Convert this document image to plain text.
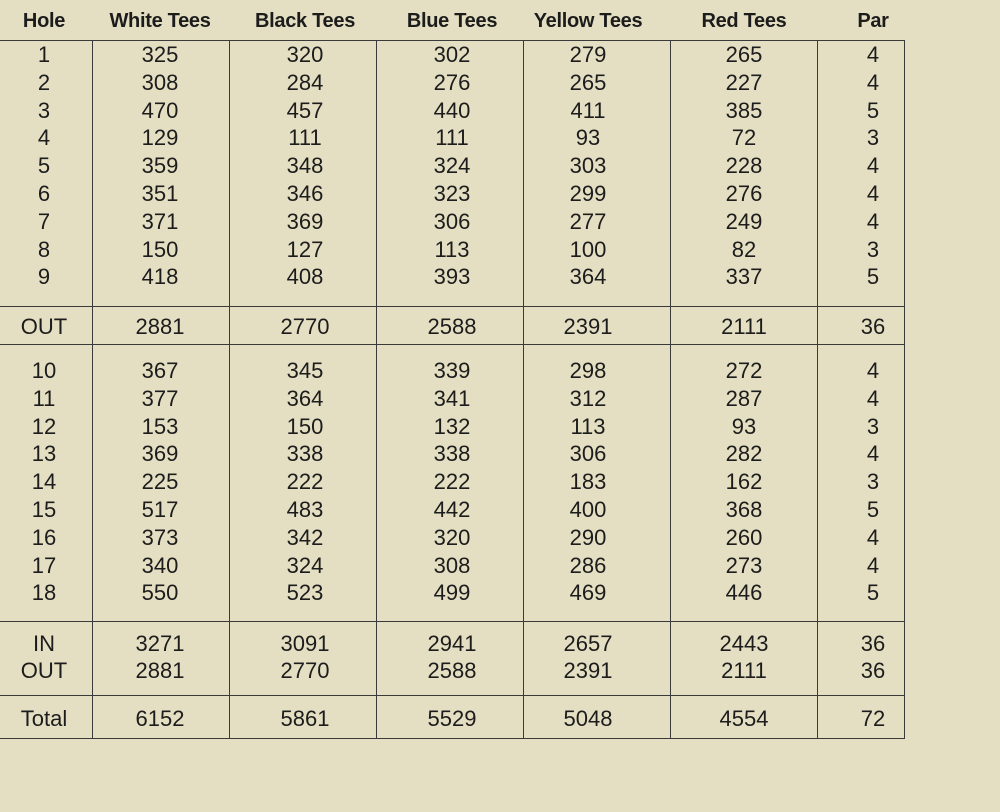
Hole	White Tees	Black Tees	Blue Tees	Yellow Tees	Red Tees	Par
1	325	320	302	279	265	4
2	308	284	276	265	227	4
3	470	457	440	411	385	5
4	129	111	111	93	72	3
5	359	348	324	303	228	4
6	351	346	323	299	276	4
7	371	369	306	277	249	4
8	150	127	113	100	82	3
9	418	408	393	364	337	5
OUT	2881	2770	2588	2391	2111	36
10	367	345	339	298	272	4
11	377	364	341	312	287	4
12	153	150	132	113	93	3
13	369	338	338	306	282	4
14	225	222	222	183	162	3
15	517	483	442	400	368	5
16	373	342	320	290	260	4
17	340	324	308	286	273	4
18	550	523	499	469	446	5
IN	3271	3091	2941	2657	2443	36
OUT	2881	2770	2588	2391	2111	36
Total	6152	5861	5529	5048	4554	72
